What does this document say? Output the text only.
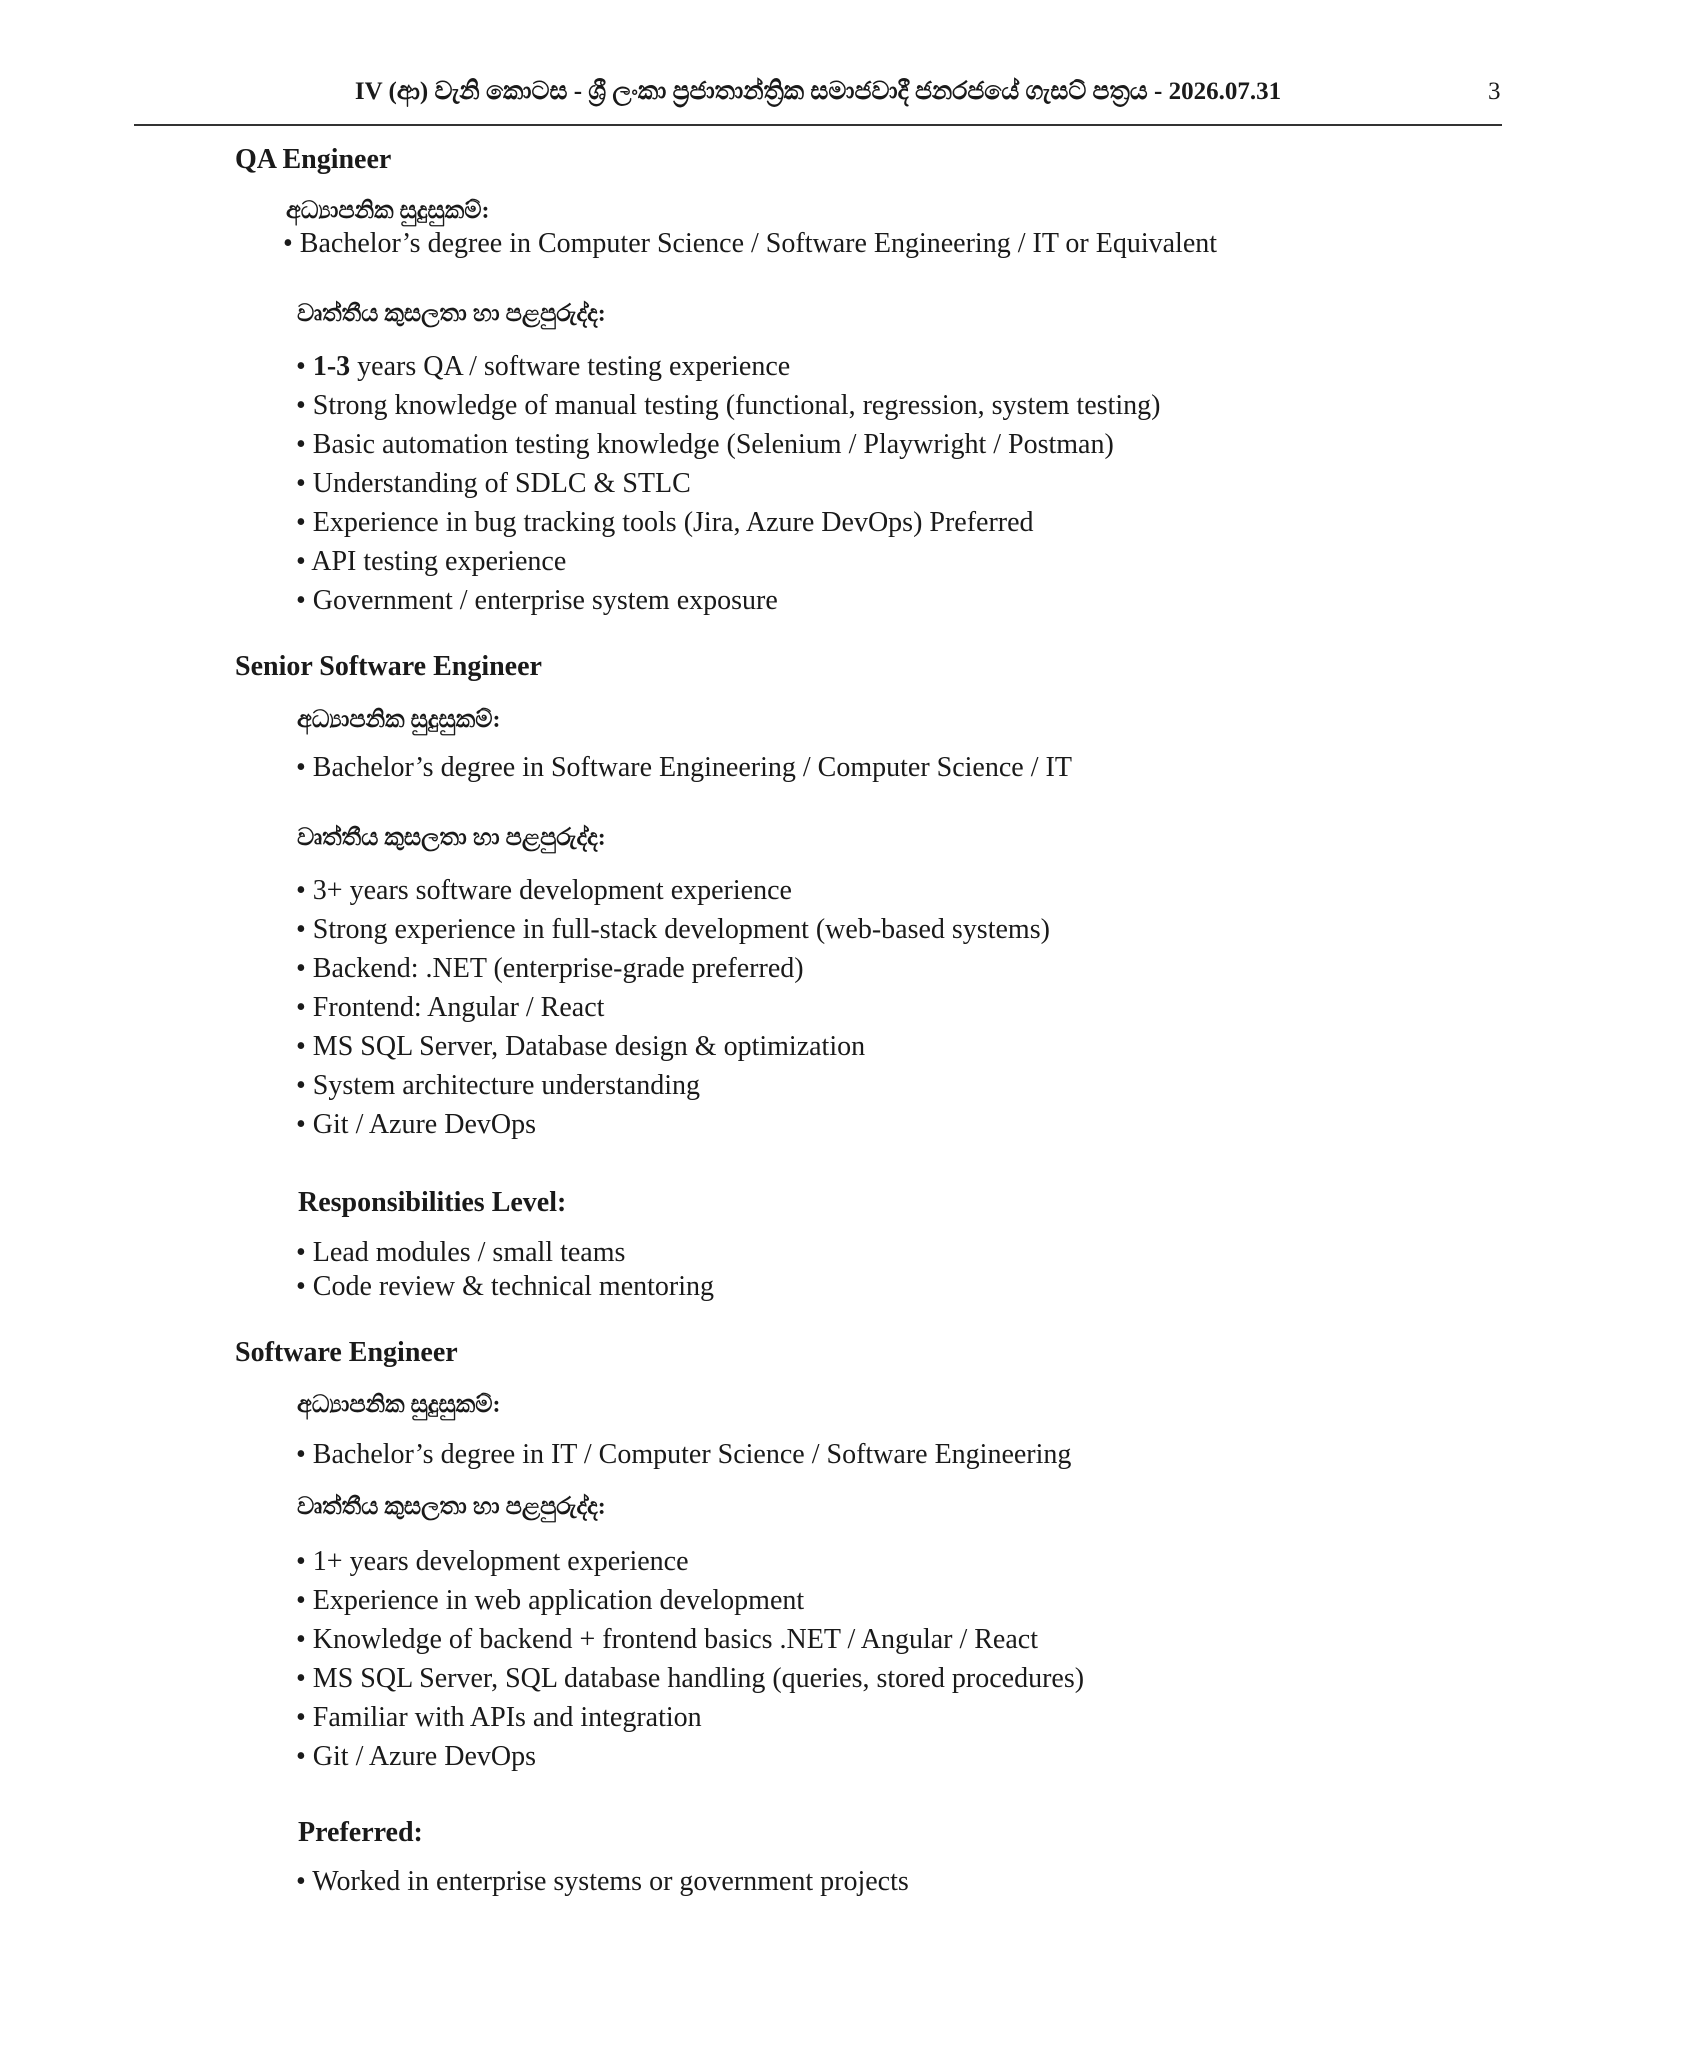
IV (ආ) වැනි කොටස - ශ්‍රී ලංකා ප්‍රජාතාන්ත්‍රික සමාජවාදී ජනරජයේ ගැසට් පත්‍රය - 2026.07.31	3
QA Engineer
අධ්‍යාපනික සුදුසුකම්:
• Bachelor’s degree in Computer Science / Software Engineering / IT or Equivalent
වෘත්තීය කුසලතා හා පළපුරුද්ද:
• 1-3 years QA / software testing experience
• Strong knowledge of manual testing (functional, regression, system testing)
• Basic automation testing knowledge (Selenium / Playwright / Postman)
• Understanding of SDLC & STLC
• Experience in bug tracking tools (Jira, Azure DevOps) Preferred
• API testing experience
• Government / enterprise system exposure
Senior Software Engineer
අධ්‍යාපනික සුදුසුකම්:
• Bachelor’s degree in Software Engineering / Computer Science / IT
වෘත්තීය කුසලතා හා පළපුරුද්ද:
• 3+ years software development experience
• Strong experience in full-stack development (web-based systems)
• Backend: .NET (enterprise-grade preferred)
• Frontend: Angular / React
• MS SQL Server, Database design & optimization
• System architecture understanding
• Git / Azure DevOps
Responsibilities Level:
• Lead modules / small teams
• Code review & technical mentoring
Software Engineer
අධ්‍යාපනික සුදුසුකම්:
• Bachelor’s degree in IT / Computer Science / Software Engineering
වෘත්තීය කුසලතා හා පළපුරුද්ද:
• 1+ years development experience
• Experience in web application development
• Knowledge of backend + frontend basics .NET / Angular / React
• MS SQL Server, SQL database handling (queries, stored procedures)
• Familiar with APIs and integration
• Git / Azure DevOps
Preferred:
• Worked in enterprise systems or government projects
